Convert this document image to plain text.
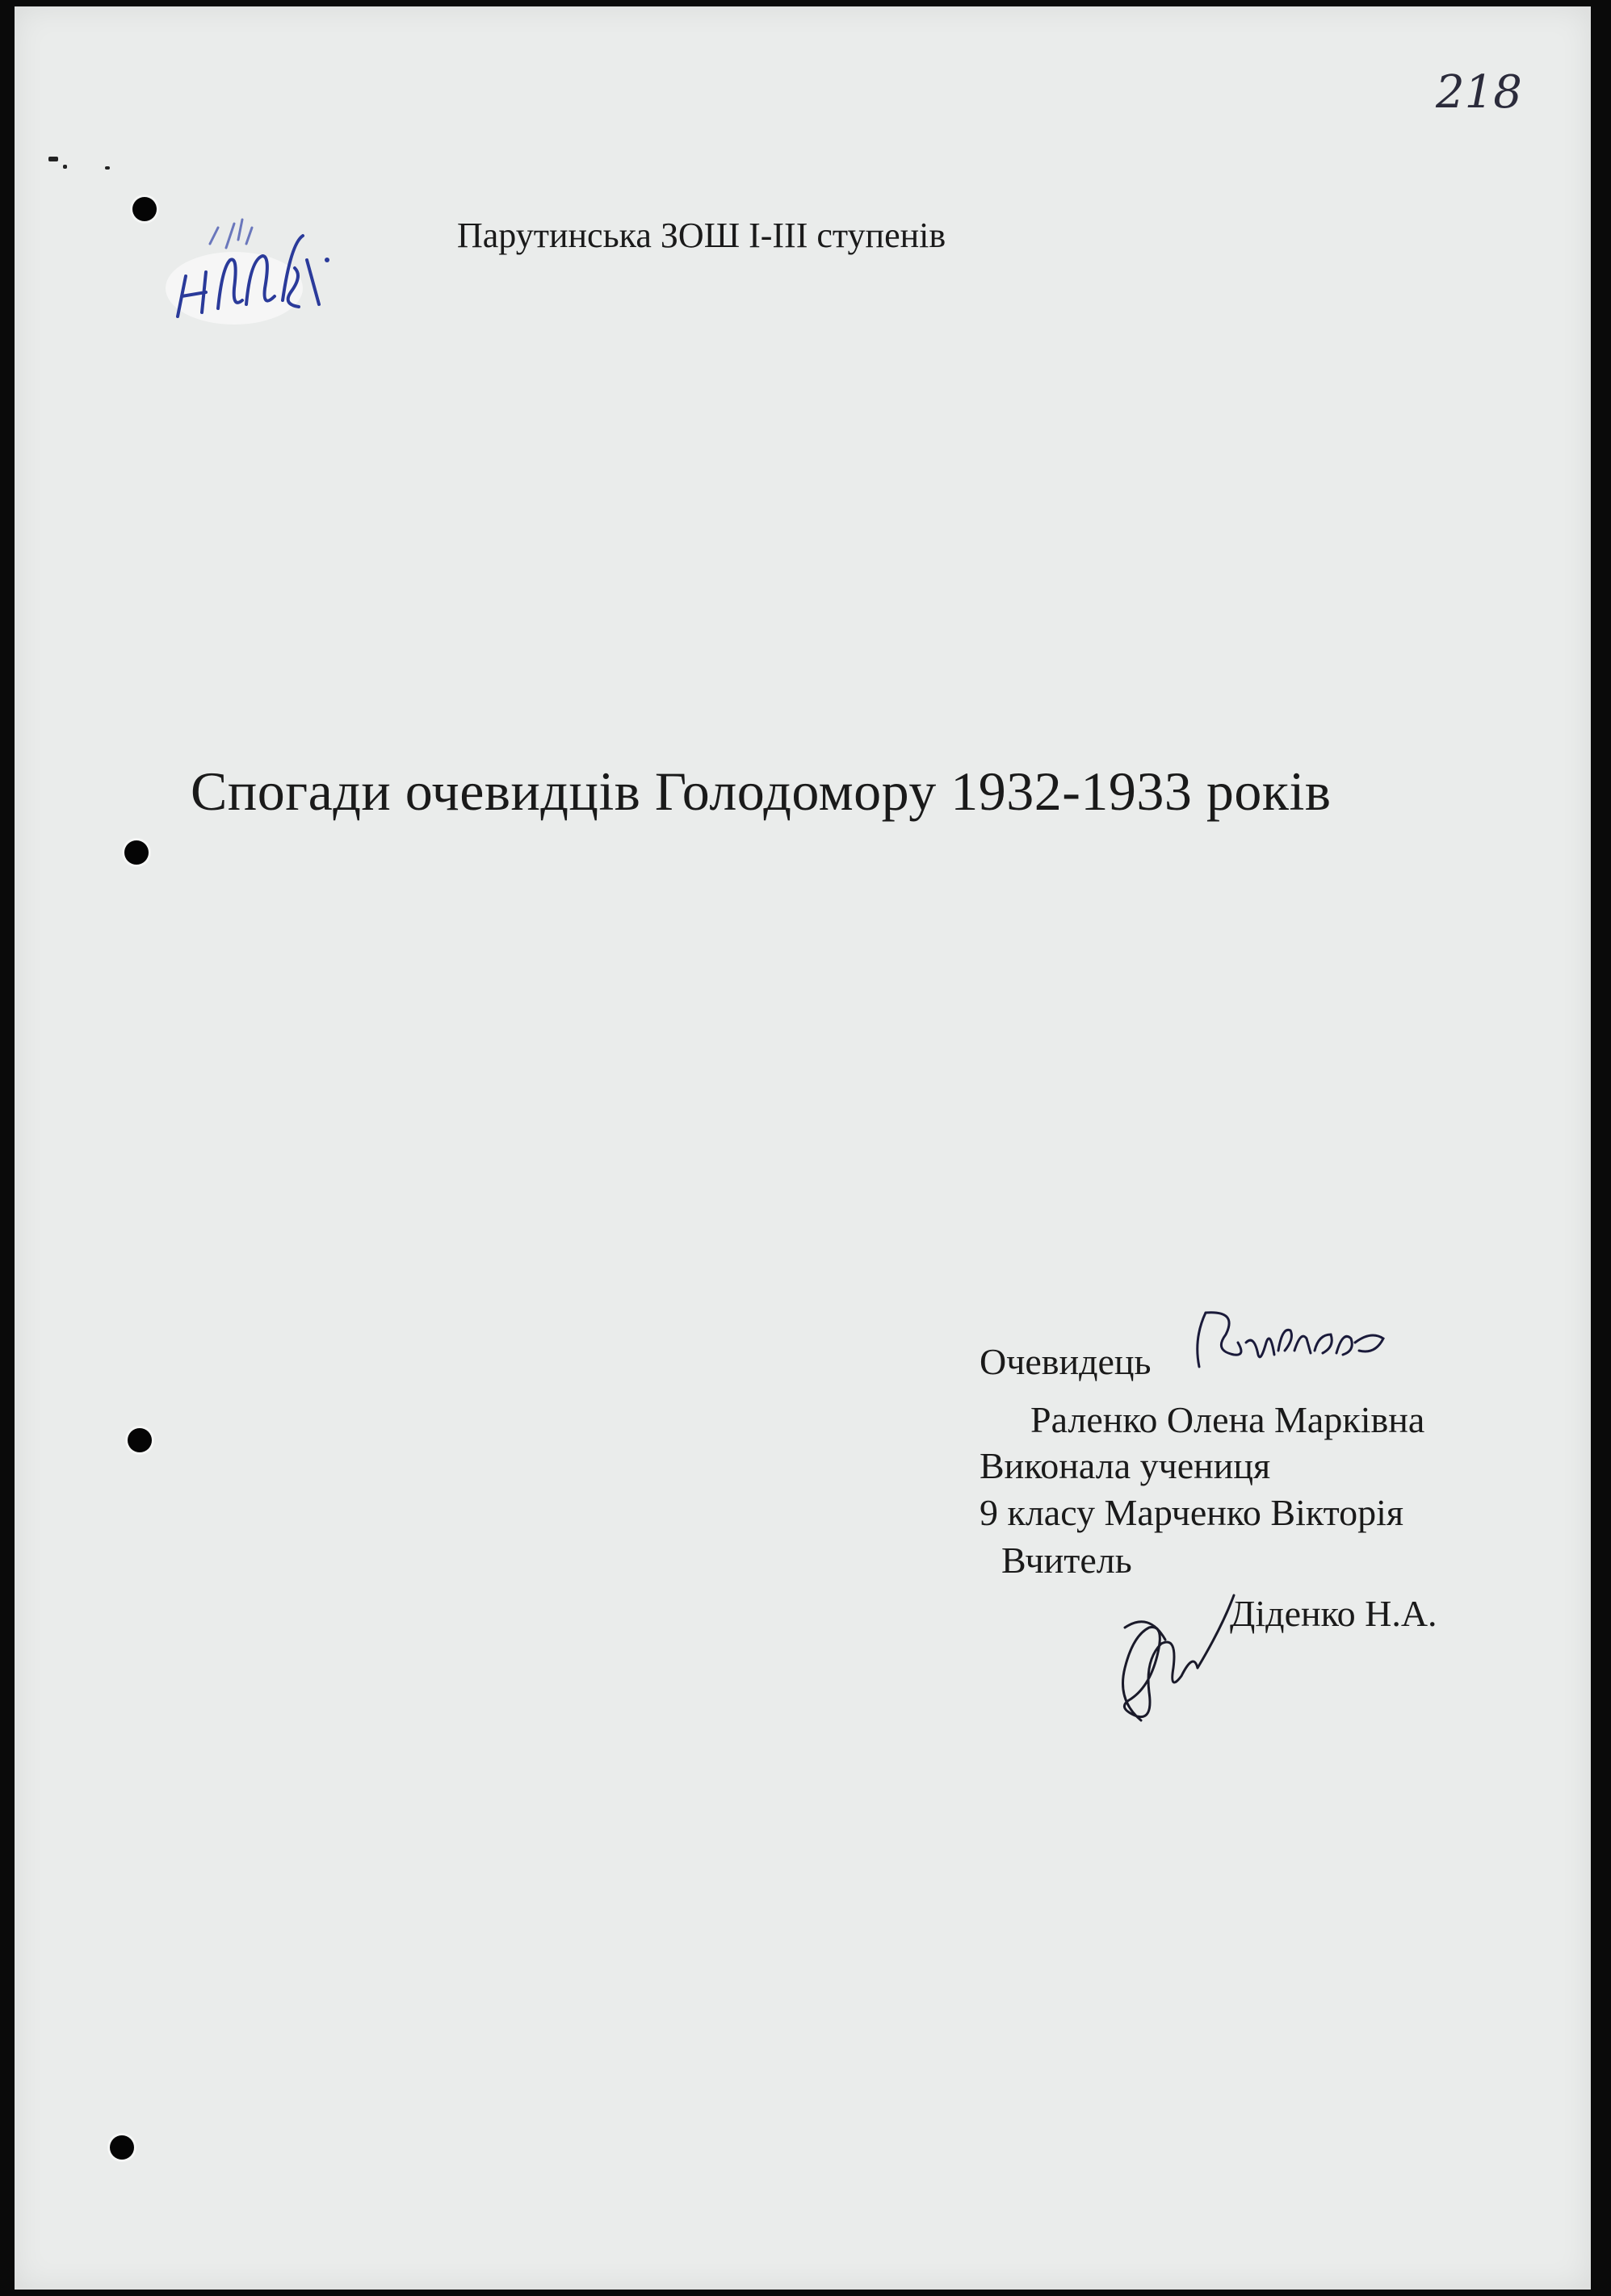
218
Парутинська ЗОШ I-III ступенів
Спогади очевидців Голодомору 1932-1933 років
Очевидець
Раленко Олена Марківна
Виконала учениця
9 класу Марченко Вікторія
Вчитель
Діденко Н.А.
